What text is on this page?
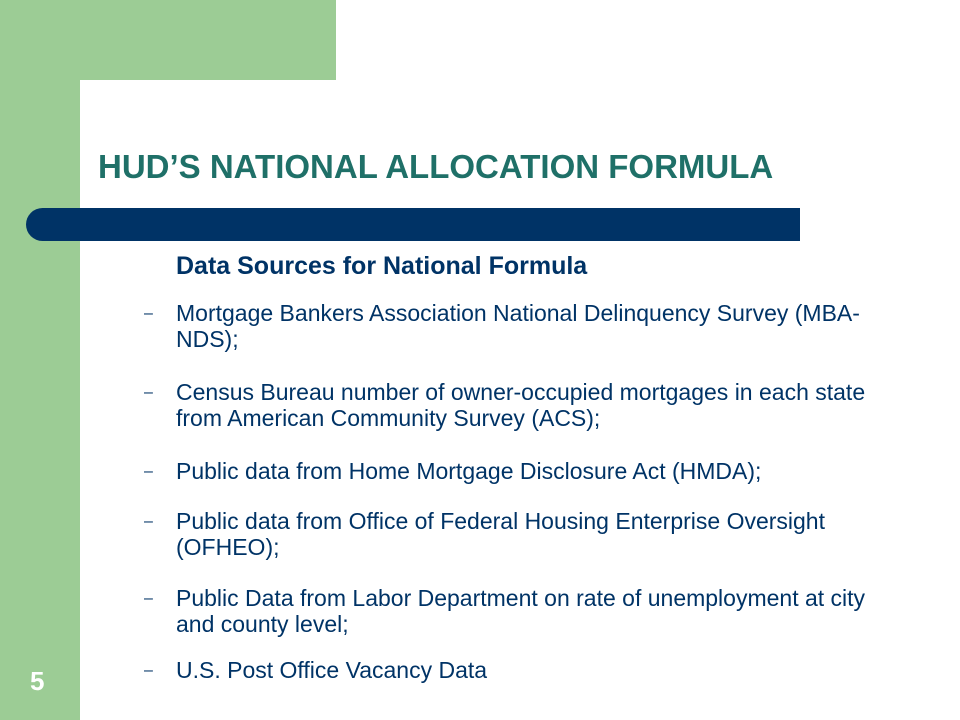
HUD’S NATIONAL ALLOCATION FORMULA
Data Sources for National Formula
–	Mortgage Bankers Association National Delinquency Survey (MBA-NDS);
–	Census Bureau number of owner-occupied mortgages in each state from American Community Survey (ACS);
–	Public data from Home Mortgage Disclosure Act (HMDA);
–	Public data from Office of Federal Housing Enterprise Oversight (OFHEO);
–	Public Data from Labor Department on rate of unemployment at city and county level;
–	U.S. Post Office Vacancy Data
5
